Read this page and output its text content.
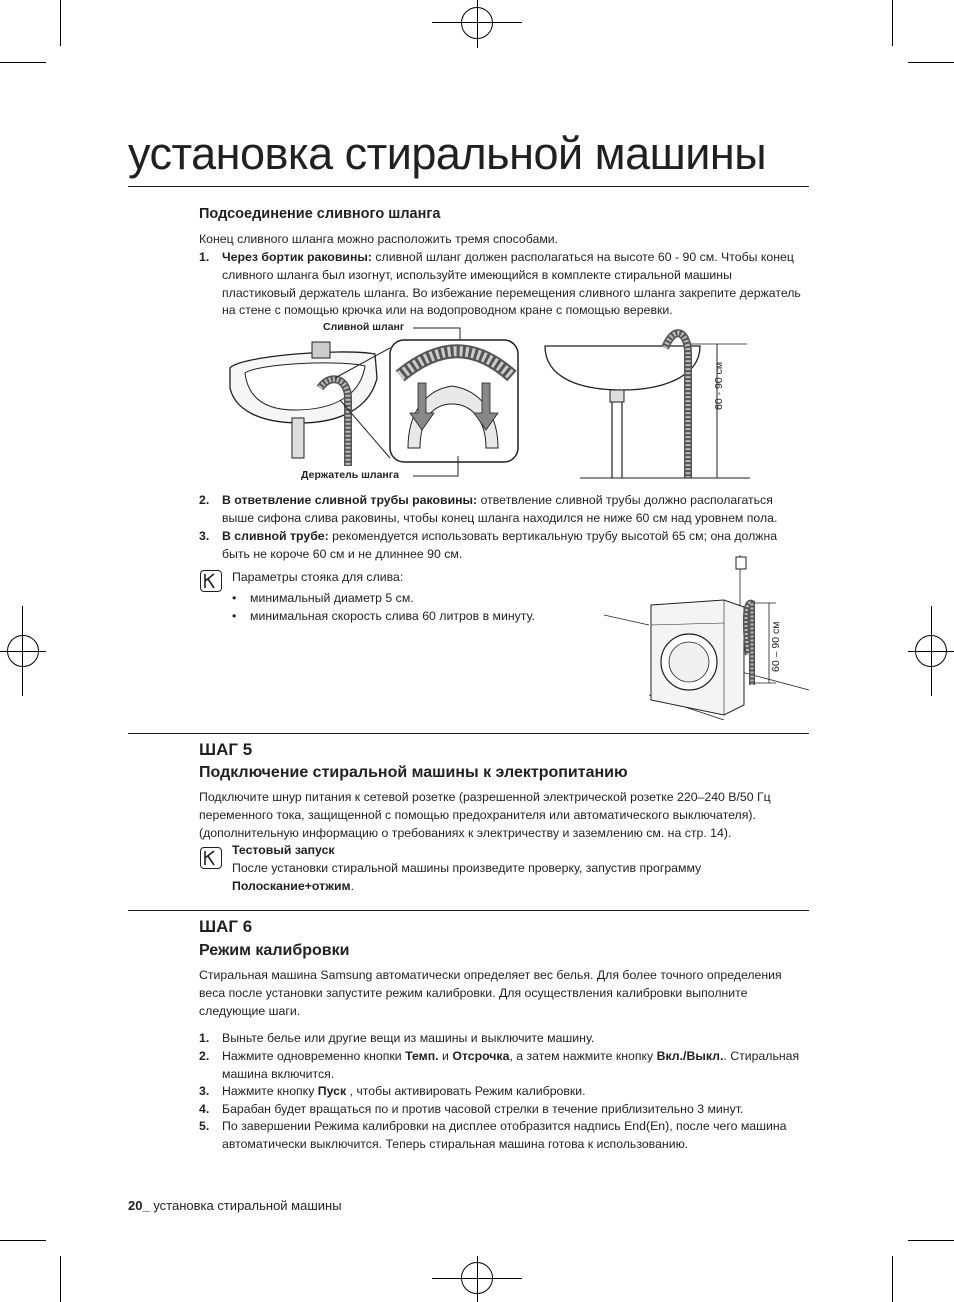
установка стиральной машины
Подсоединение сливного шланга
Конец сливного шланга можно расположить тремя способами.
1. Через бортик раковины: сливной шланг должен располагаться на высоте 60 - 90 см. Чтобы конец сливного шланга был изогнут, используйте имеющийся в комплекте стиральной машины пластиковый держатель шланга. Во избежание перемещения сливного шланга закрепите держатель на стене с помощью крючка или на водопроводном кране с помощью веревки.
Сливной шланг
Держатель шланга
60 - 90 см
2. В ответвление сливной трубы раковины: ответвление сливной трубы должно располагаться выше сифона слива раковины, чтобы конец шланга находился не ниже 60 см над уровнем пола.
3. В сливной трубе: рекомендуется использовать вертикальную трубу высотой 65 см; она должна быть не короче 60 см и не длиннее 90 см.
Параметры стояка для слива:
• минимальный диаметр 5 см.
• минимальная скорость слива 60 литров в минуту.
60 – 90 см
ШАГ 5
Подключение стиральной машины к электропитанию
Подключите шнур питания к сетевой розетке (разрешенной электрической розетке 220–240 В/50 Гц переменного тока, защищенной с помощью предохранителя или автоматического выключателя). (дополнительную информацию о требованиях к электричеству и заземлению см. на стр. 14).
Тестовый запуск
После установки стиральной машины произведите проверку, запустив программу Полоскание+отжим.
ШАГ 6
Режим калибровки
Стиральная машина Samsung автоматически определяет вес белья. Для более точного определения веса после установки запустите режим калибровки. Для осуществления калибровки выполните следующие шаги.
1. Выньте белье или другие вещи из машины и выключите машину.
2. Нажмите одновременно кнопки Темп. и Отсрочка, а затем нажмите кнопку Вкл./Выкл.. Стиральная машина включится.
3. Нажмите кнопку Пуск , чтобы активировать Режим калибровки.
4. Барабан будет вращаться по и против часовой стрелки в течение приблизительно 3 минут.
5. По завершении Режима калибровки на дисплее отобразится надпись End(En), после чего машина автоматически выключится. Теперь стиральная машина готова к использованию.
20_ установка стиральной машины
